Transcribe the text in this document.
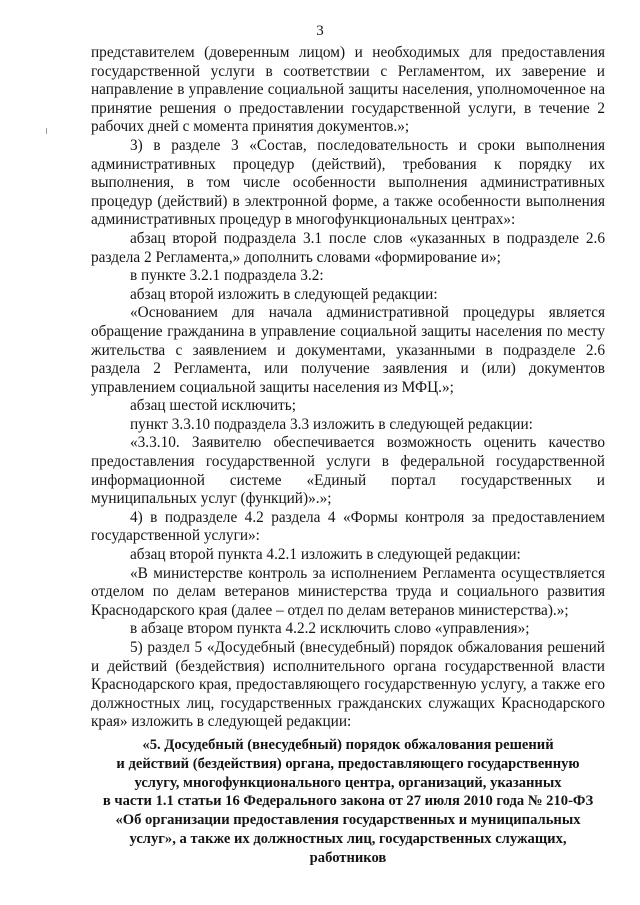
3

представителем (доверенным лицом) и необходимых для предоставления государственной услуги в соответствии с Регламентом, их заверение и направление в управление социальной защиты населения, уполномоченное на принятие решения о предоставлении государственной услуги, в течение 2 рабочих дней с момента принятия документов.»;

3) в разделе 3 «Состав, последовательность и сроки выполнения административных процедур (действий), требования к порядку их выполнения, в том числе особенности выполнения административных процедур (действий) в электронной форме, а также особенности выполнения административных процедур в многофункциональных центрах»:

абзац второй подраздела 3.1 после слов «указанных в подразделе 2.6 раздела 2 Регламента,» дополнить словами «формирование и»;

в пункте 3.2.1 подраздела 3.2:

абзац второй изложить в следующей редакции:

«Основанием для начала административной процедуры является обращение гражданина в управление социальной защиты населения по месту жительства с заявлением и документами, указанными в подразделе 2.6 раздела 2 Регламента, или получение заявления и (или) документов управлением социальной защиты населения из МФЦ.»;

абзац шестой исключить;

пункт 3.3.10 подраздела 3.3 изложить в следующей редакции:

«3.3.10. Заявителю обеспечивается возможность оценить качество предоставления государственной услуги в федеральной государственной информационной системе «Единый портал государственных и муниципальных услуг (функций)».»;

4) в подразделе 4.2 раздела 4 «Формы контроля за предоставлением государственной услуги»:

абзац второй пункта 4.2.1 изложить в следующей редакции:

«В министерстве контроль за исполнением Регламента осуществляется отделом по делам ветеранов министерства труда и социального развития Краснодарского края (далее – отдел по делам ветеранов министерства).»;

в абзаце втором пункта 4.2.2 исключить слово «управления»;

5) раздел 5 «Досудебный (внесудебный) порядок обжалования решений и действий (бездействия) исполнительного органа государственной власти Краснодарского края, предоставляющего государственную услугу, а также его должностных лиц, государственных гражданских служащих Краснодарского края» изложить в следующей редакции:

«5. Досудебный (внесудебный) порядок обжалования решений
и действий (бездействия) органа, предоставляющего государственную
услугу, многофункционального центра, организаций, указанных
в части 1.1 статьи 16 Федерального закона от 27 июля 2010 года № 210-ФЗ
«Об организации предоставления государственных и муниципальных
услуг», а также их должностных лиц, государственных служащих,
работников
